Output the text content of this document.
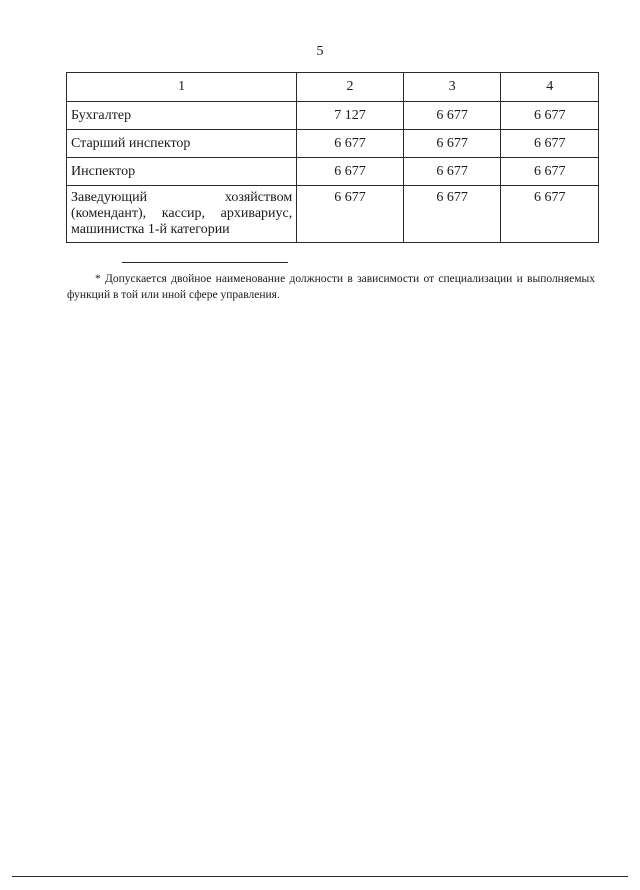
5
1	2	3	4
Бухгалтер	7 127	6 677	6 677
Старший инспектор	6 677	6 677	6 677
Инспектор	6 677	6 677	6 677
Заведующий хозяйством (комендант), кассир, архивариус, машинистка 1-й категории	6 677	6 677	6 677
* Допускается двойное наименование должности в зависимости от специализации и выполняемых функций в той или иной сфере управления.
